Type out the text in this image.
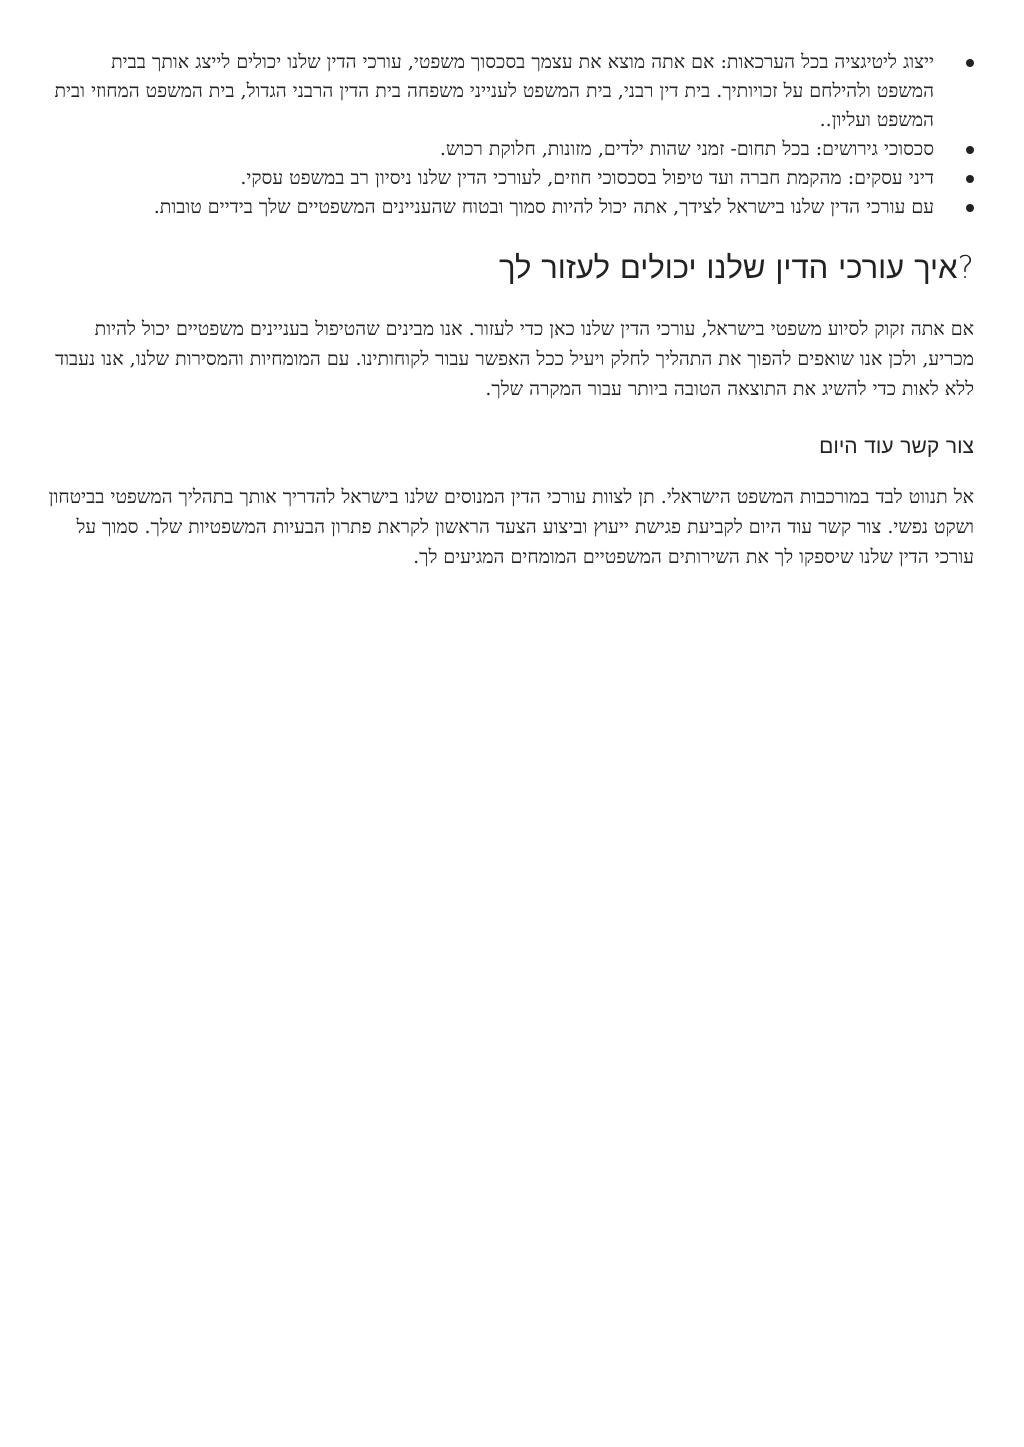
ייצוג ליטיגציה בכל הערכאות: אם אתה מוצא את עצמך בסכסוך משפטי, עורכי הדין שלנו יכולים לייצג אותך בבית המשפט ולהילחם על זכויותיך. בית דין רבני, בית המשפט לענייני משפחה בית הדין הרבני הגדול, בית המשפט המחוזי ובית המשפט ועליון..
סכסוכי גירושים: בכל תחום- זמני שהות ילדים, מזונות, חלוקת רכוש.
דיני עסקים: מהקמת חברה ועד טיפול בסכסוכי חוזים, לעורכי הדין שלנו ניסיון רב במשפט עסקי.
עם עורכי הדין שלנו בישראל לצידך, אתה יכול להיות סמוך ובטוח שהעניינים המשפטיים שלך בידיים טובות.
?איך עורכי הדין שלנו יכולים לעזור לך

אם אתה זקוק לסיוע משפטי בישראל, עורכי הדין שלנו כאן כדי לעזור. אנו מבינים שהטיפול בעניינים משפטיים יכול להיות מכריע, ולכן אנו שואפים להפוך את התהליך לחלק ויעיל ככל האפשר עבור לקוחותינו. עם המומחיות והמסירות שלנו, אנו נעבוד ללא לאות כדי להשיג את התוצאה הטובה ביותר עבור המקרה שלך.

צור קשר עוד היום

אל תנווט לבד במורכבות המשפט הישראלי. תן לצוות עורכי הדין המנוסים שלנו בישראל להדריך אותך בתהליך המשפטי בביטחון ושקט נפשי. צור קשר עוד היום לקביעת פגישת ייעוץ וביצוע הצעד הראשון לקראת פתרון הבעיות המשפטיות שלך. סמוך על עורכי הדין שלנו שיספקו לך את השירותים המשפטיים המומחים המגיעים לך.
